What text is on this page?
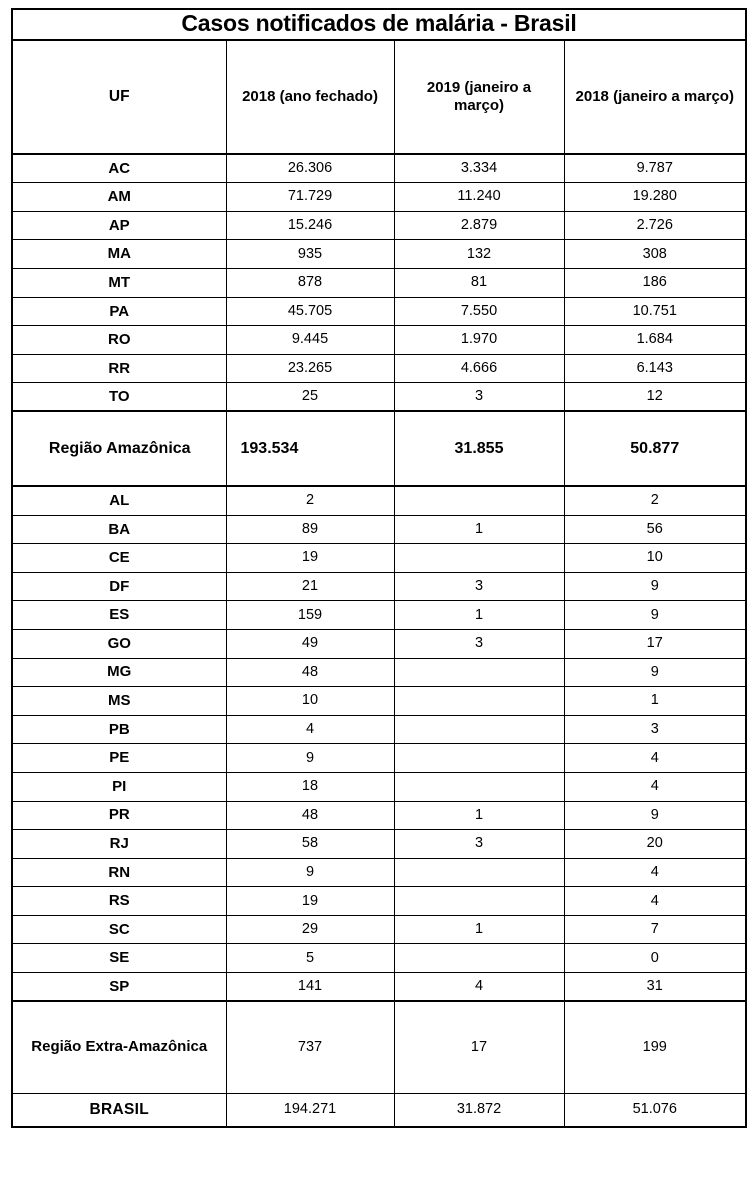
Casos notificados de malária - Brasil			
UF	2018 (ano fechado)	2019 (janeiro a março)	2018 (janeiro a março)
AC	26.306	3.334	9.787
AM	71.729	11.240	19.280
AP	15.246	2.879	2.726
MA	935	132	308
MT	878	81	186
PA	45.705	7.550	10.751
RO	9.445	1.970	1.684
RR	23.265	4.666	6.143
TO	25	3	12
Região Amazônica	193.534	31.855	50.877
AL	2		2
BA	89	1	56
CE	19		10
DF	21	3	9
ES	159	1	9
GO	49	3	17
MG	48		9
MS	10		1
PB	4		3
PE	9		4
PI	18		4
PR	48	1	9
RJ	58	3	20
RN	9		4
RS	19		4
SC	29	1	7
SE	5		0
SP	141	4	31
Região Extra-Amazônica	737	17	199
BRASIL	194.271	31.872	51.076
